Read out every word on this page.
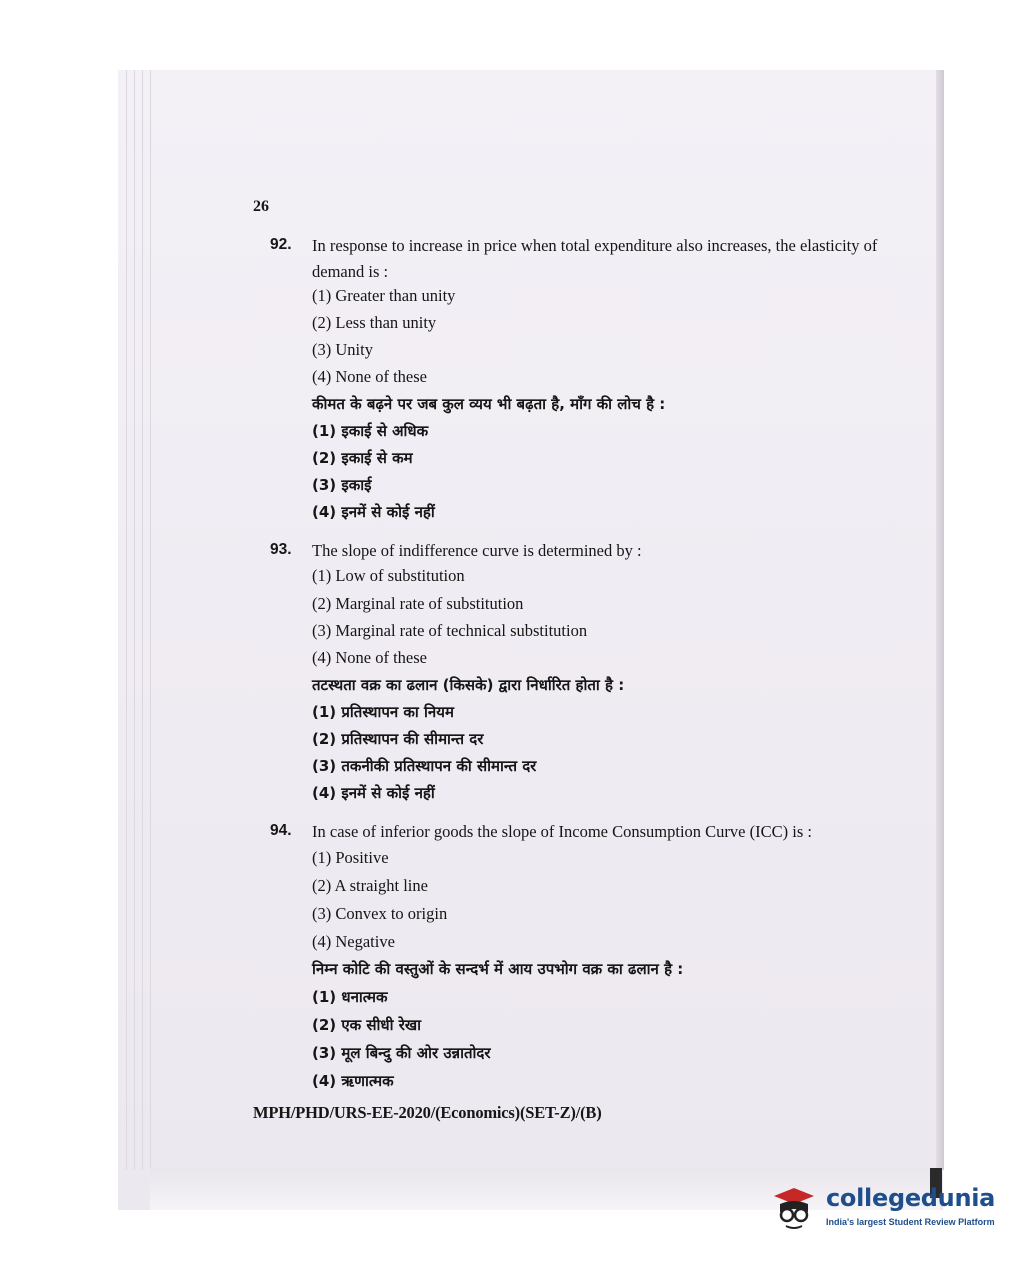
26
92. In response to increase in price when total expenditure also increases, the elasticity of
demand is :
(1) Greater than unity
(2) Less than unity
(3) Unity
(4) None of these
कीमत के बढ़ने पर जब कुल व्यय भी बढ़ता है, माँग की लोच है :
(1) इकाई से अधिक
(2) इकाई से कम
(3) इकाई
(4) इनमें से कोई नहीं
93. The slope of indifference curve is determined by :
(1) Low of substitution
(2) Marginal rate of substitution
(3) Marginal rate of technical substitution
(4) None of these
तटस्थता वक्र का ढलान (किसके) द्वारा निर्धारित होता है :
(1) प्रतिस्थापन का नियम
(2) प्रतिस्थापन की सीमान्त दर
(3) तकनीकी प्रतिस्थापन की सीमान्त दर
(4) इनमें से कोई नहीं
94. In case of inferior goods the slope of Income Consumption Curve (ICC) is :
(1) Positive
(2) A straight line
(3) Convex to origin
(4) Negative
निम्न कोटि की वस्तुओं के सन्दर्भ में आय उपभोग वक्र का ढलान है :
(1) धनात्मक
(2) एक सीधी रेखा
(3) मूल बिन्दु की ओर उन्नातोदर
(4) ऋणात्मक
MPH/PHD/URS-EE-2020/(Economics)(SET-Z)/(B)
collegedunia
India's largest Student Review Platform
